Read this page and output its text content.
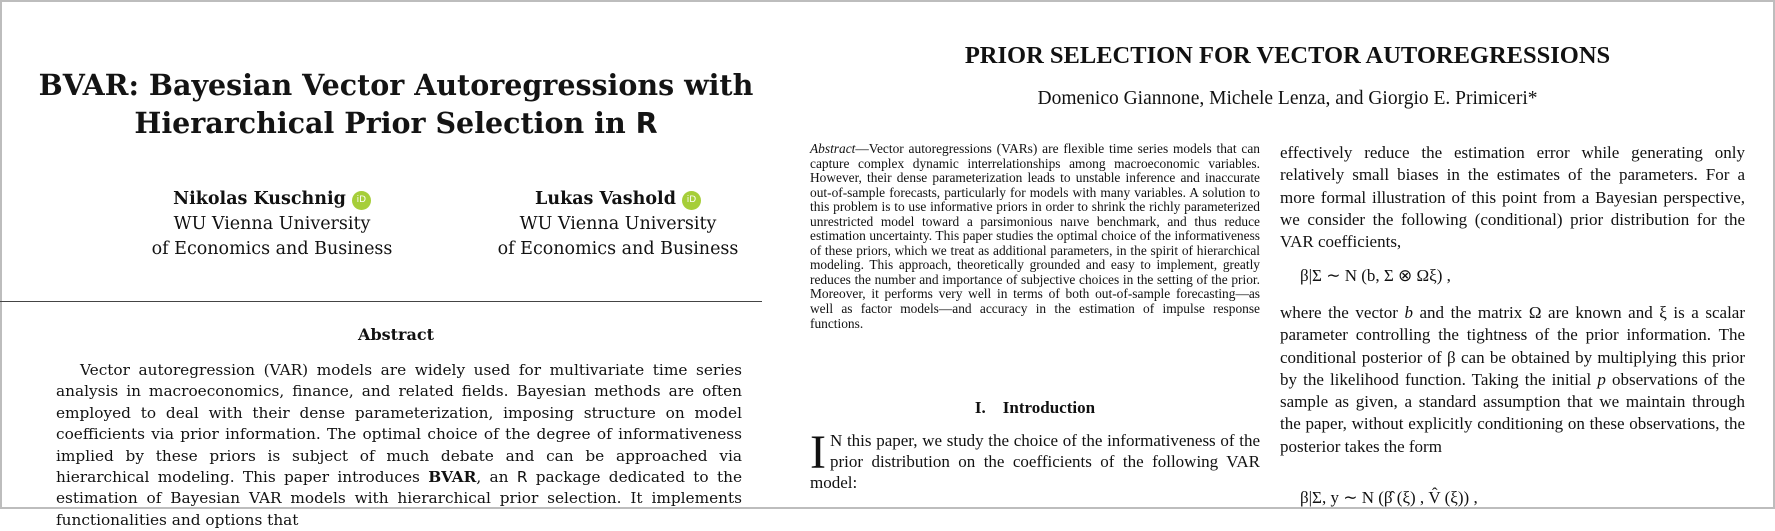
BVAR: Bayesian Vector Autoregressions with
Hierarchical Prior Selection in R
Nikolas Kuschnig iD
WU Vienna University
of Economics and Business
Lukas Vashold iD
WU Vienna University
of Economics and Business
Abstract
Vector autoregression (VAR) models are widely used for multivariate time series analysis in macroeconomics, finance, and related fields. Bayesian methods are often employed to deal with their dense parameterization, imposing structure on model coefficients via prior information. The optimal choice of the degree of informativeness implied by these priors is subject of much debate and can be approached via hierarchical modeling. This paper introduces BVAR, an R package dedicated to the estimation of Bayesian VAR models with hierarchical prior selection. It implements functionalities and options that
PRIOR SELECTION FOR VECTOR AUTOREGRESSIONS
Domenico Giannone, Michele Lenza, and Giorgio E. Primiceri*
Abstract—Vector autoregressions (VARs) are flexible time series models that can capture complex dynamic interrelationships among macroeconomic variables. However, their dense parameterization leads to unstable inference and inaccurate out-of-sample forecasts, particularly for models with many variables. A solution to this problem is to use informative priors in order to shrink the richly parameterized unrestricted model toward a parsimonious naıve benchmark, and thus reduce estimation uncertainty. This paper studies the optimal choice of the informativeness of these priors, which we treat as additional parameters, in the spirit of hierarchical modeling. This approach, theoretically grounded and easy to implement, greatly reduces the number and importance of subjective choices in the setting of the prior. Moreover, it performs very well in terms of both out-of-sample forecasting—as well as factor models—and accuracy in the estimation of impulse response functions.
I.    Introduction
I N this paper, we study the choice of the informativeness of the prior distribution on the coefficients of the following VAR model:
effectively reduce the estimation error while generating only relatively small biases in the estimates of the parameters. For a more formal illustration of this point from a Bayesian perspective, we consider the following (conditional) prior distribution for the VAR coefficients,
β|Σ ∼ N (b, Σ ⊗ Ωξ) ,
where the vector b and the matrix Ω are known and ξ is a scalar parameter controlling the tightness of the prior information. The conditional posterior of β can be obtained by multiplying this prior by the likelihood function. Taking the initial p observations of the sample as given, a standard assumption that we maintain through the paper, without explicitly conditioning on these observations, the posterior takes the form
β|Σ, y ∼ N (β̂ (ξ) , V̂ (ξ)) ,
